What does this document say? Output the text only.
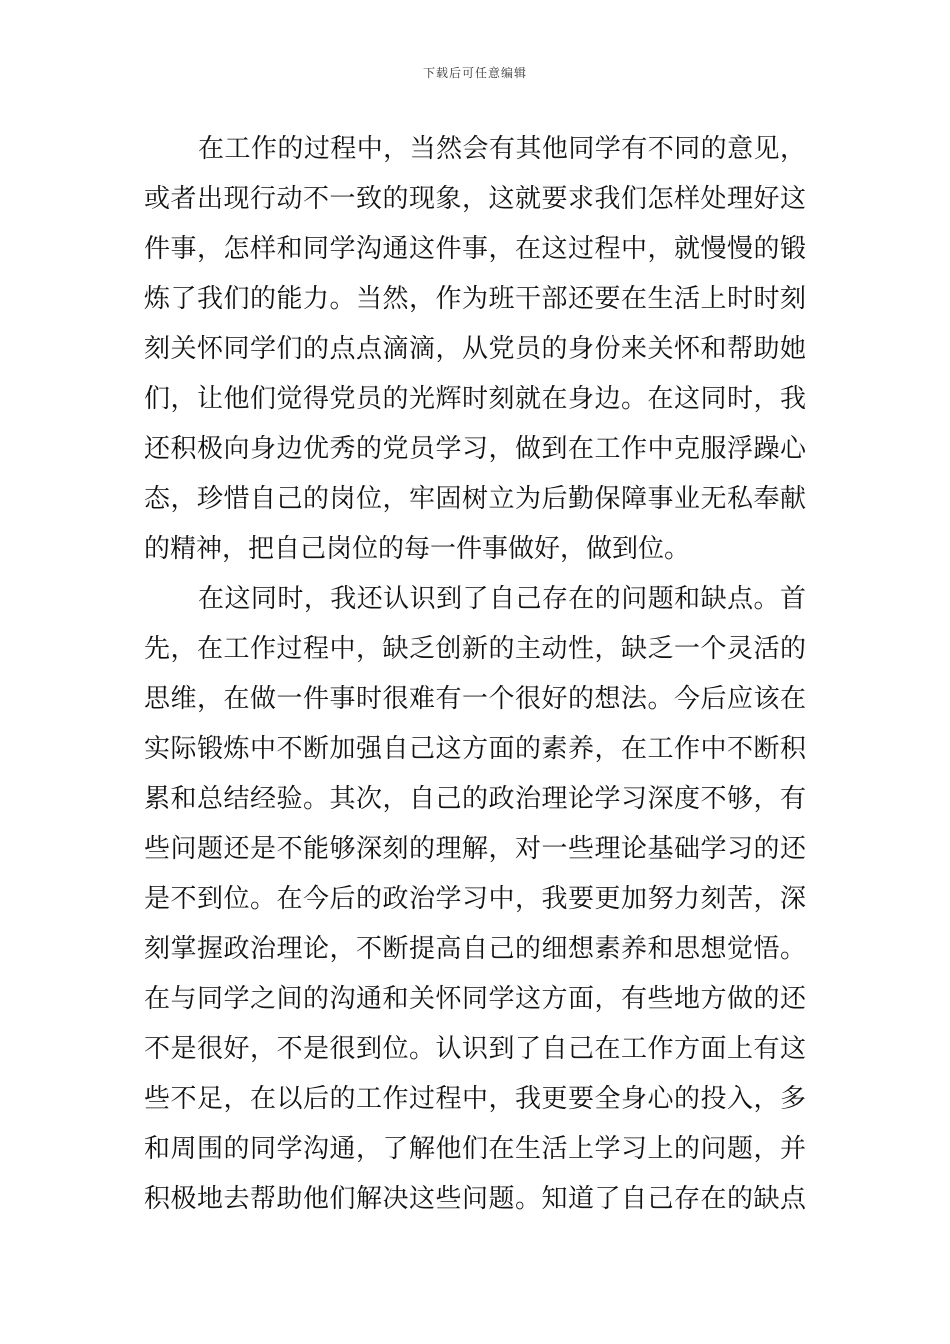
下载后可任意编辑
在工作的过程中，当然会有其他同学有不同的意见，
或者出现行动不一致的现象，这就要求我们怎样处理好这
件事，怎样和同学沟通这件事，在这过程中，就慢慢的锻
炼了我们的能力。当然，作为班干部还要在生活上时时刻
刻关怀同学们的点点滴滴，从党员的身份来关怀和帮助她
们，让他们觉得党员的光辉时刻就在身边。在这同时，我
还积极向身边优秀的党员学习，做到在工作中克服浮躁心
态，珍惜自己的岗位，牢固树立为后勤保障事业无私奉献
的精神，把自己岗位的每一件事做好，做到位。
在这同时，我还认识到了自己存在的问题和缺点。首
先，在工作过程中，缺乏创新的主动性，缺乏一个灵活的
思维，在做一件事时很难有一个很好的想法。今后应该在
实际锻炼中不断加强自己这方面的素养，在工作中不断积
累和总结经验。其次，自己的政治理论学习深度不够，有
些问题还是不能够深刻的理解，对一些理论基础学习的还
是不到位。在今后的政治学习中，我要更加努力刻苦，深
刻掌握政治理论，不断提高自己的细想素养和思想觉悟。
在与同学之间的沟通和关怀同学这方面，有些地方做的还
不是很好，不是很到位。认识到了自己在工作方面上有这
些不足，在以后的工作过程中，我更要全身心的投入，多
和周围的同学沟通，了解他们在生活上学习上的问题，并
积极地去帮助他们解决这些问题。知道了自己存在的缺点
